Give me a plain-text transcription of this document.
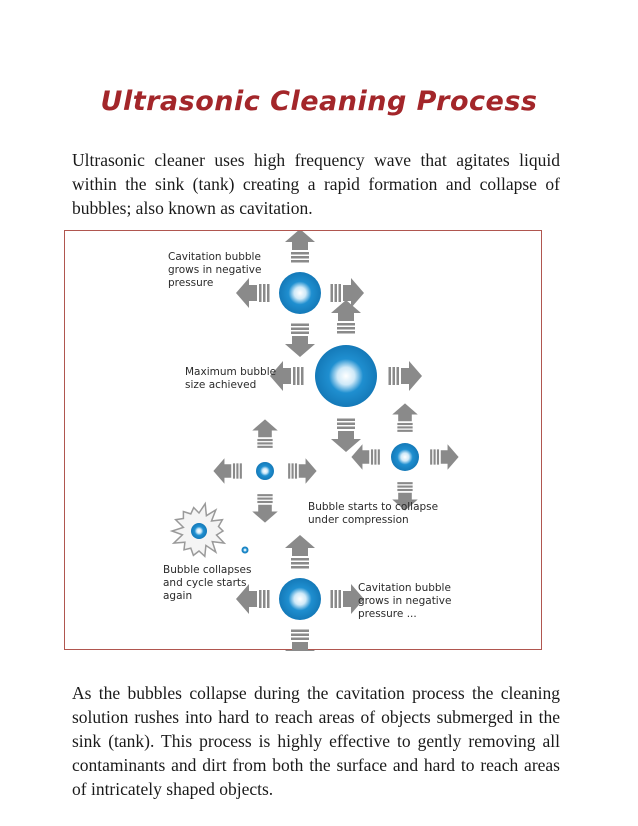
Ultrasonic Cleaning Process

Ultrasonic cleaner uses high frequency wave that agitates liquid within the sink (tank) creating a rapid formation and collapse of bubbles; also known as cavitation.

Cavitation bubble
grows in negative
pressure

Maximum bubble
size achieved

Bubble starts to collapse
under compression

Bubble collapses
and cycle starts
again

Cavitation bubble
grows in negative
pressure ...

As the bubbles collapse during the cavitation process the cleaning solution rushes into hard to reach areas of objects submerged in the sink (tank). This process is highly effective to gently removing all contaminants and dirt from both the surface and hard to reach areas of intricately shaped objects.
